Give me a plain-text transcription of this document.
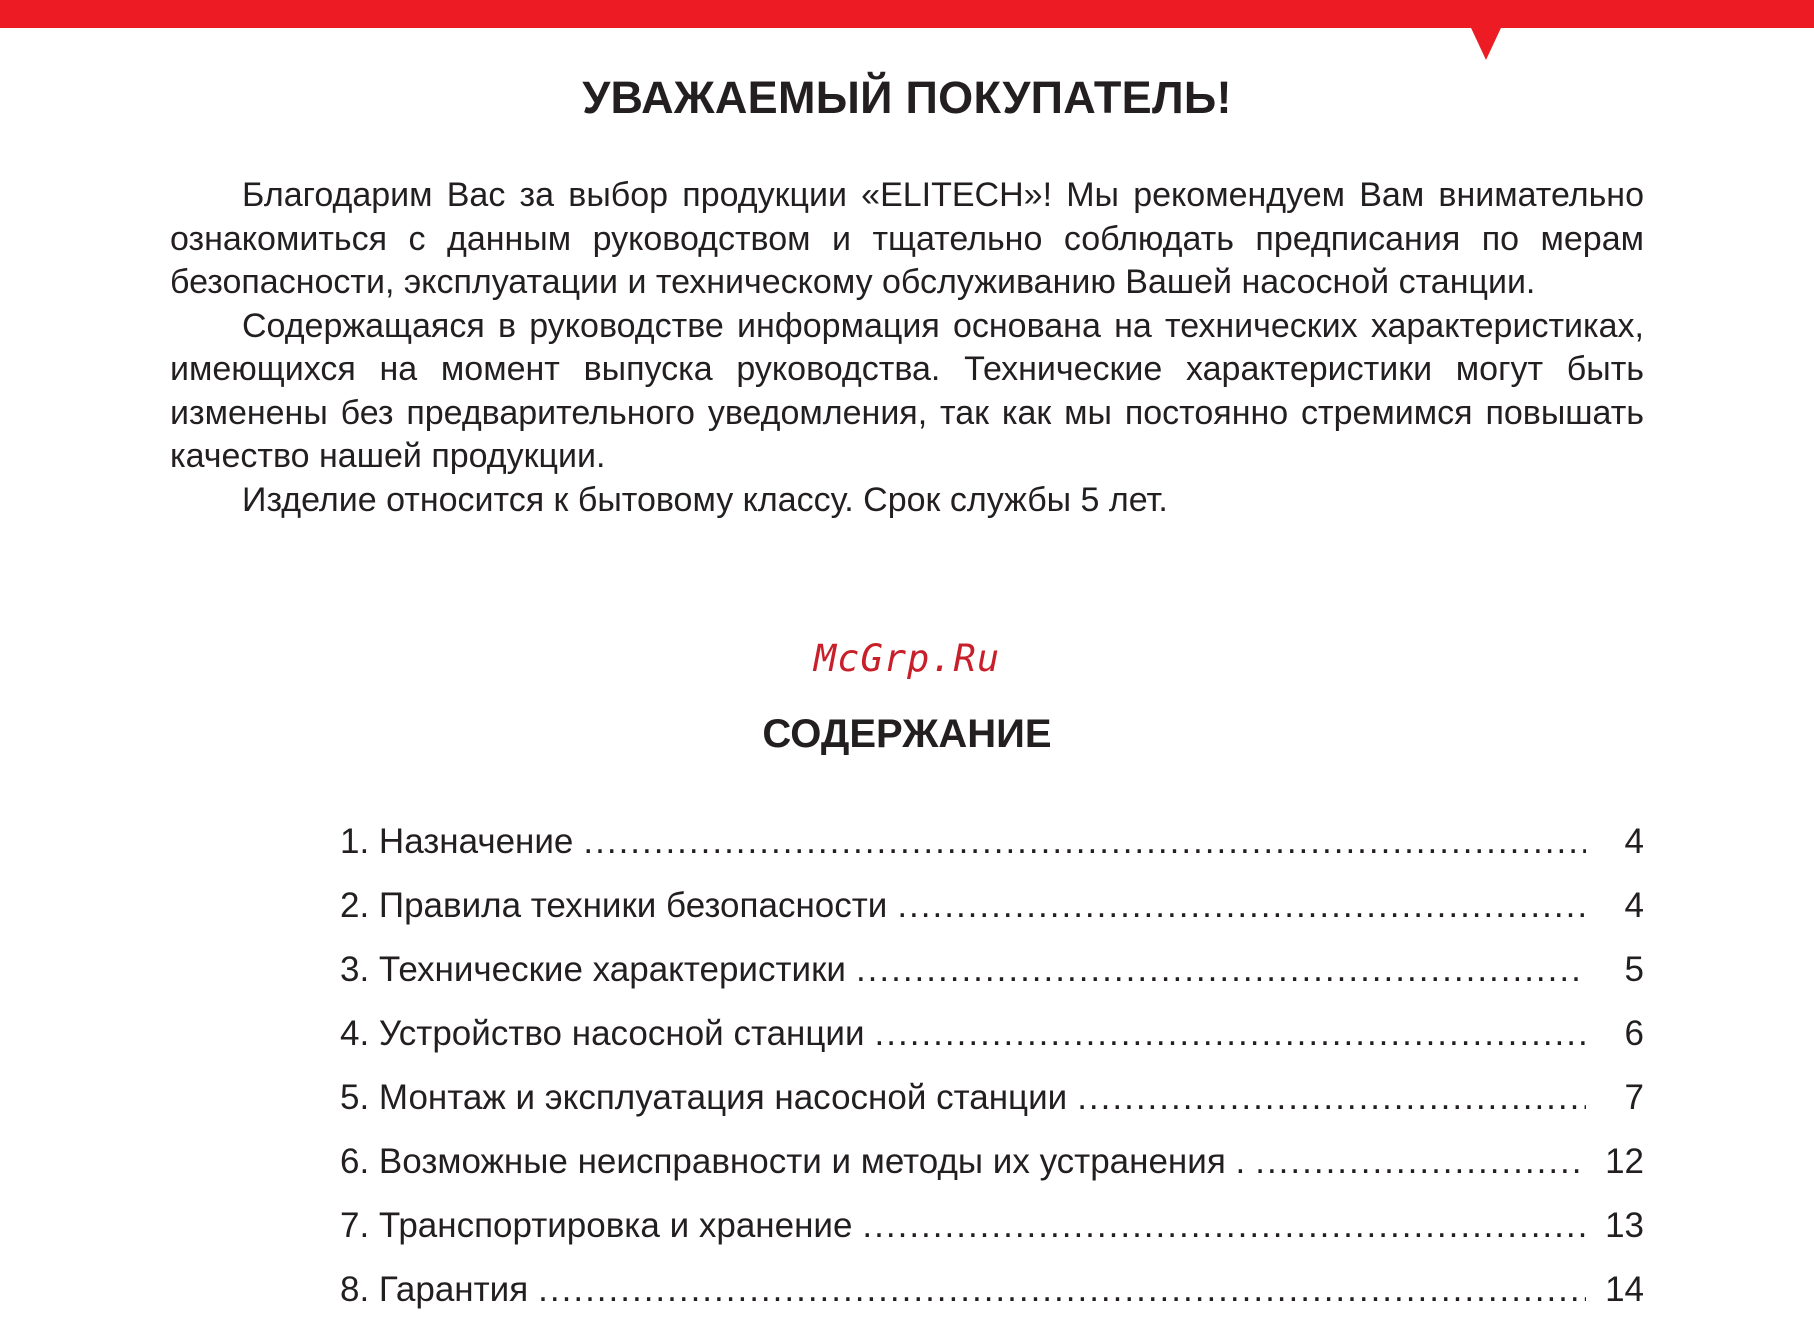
УВАЖАЕМЫЙ ПОКУПАТЕЛЬ!

Благодарим Вас за выбор продукции «ELITECH»! Мы рекомендуем Вам внимательно ознакомиться с данным руководством и тщательно соблюдать предписания по мерам безопасности, эксплуатации и техническому обслуживанию Вашей насосной станции.

Содержащаяся в руководстве информация основана на технических характеристиках, имеющихся на момент выпуска руководства. Технические характеристики могут быть изменены без предварительного уведомления, так как мы постоянно стремимся повышать качество нашей продукции.

Изделие относится к бытовому классу. Срок службы 5 лет.

McGrp.Ru
СОДЕРЖАНИЕ
1. Назначение .....	4
2. Правила техники безопасности .....	4
3. Технические характеристики .....	5
4. Устройство насосной станции .....	6
5. Монтаж и эксплуатация насосной станции .....	7
6. Возможные неисправности и методы их устранения . .....	12
7. Транспортировка и хранение .....	13
8. Гарантия .....	14
